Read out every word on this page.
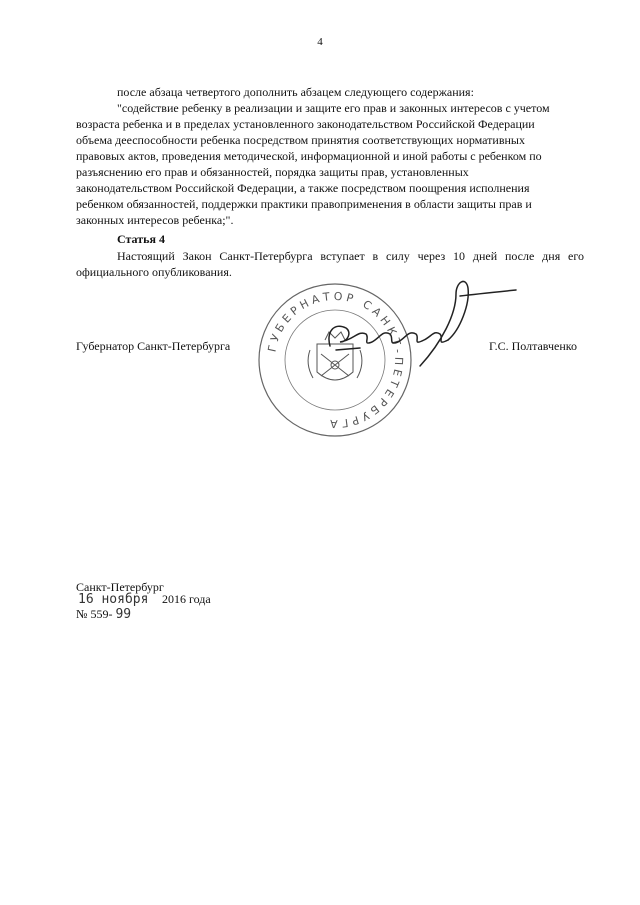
4
после абзаца четвертого дополнить абзацем следующего содержания:
"содействие ребенку в реализации и защите его прав и законных интересов с учетом
возраста ребенка и в пределах установленного законодательством Российской Федерации
объема дееспособности ребенка посредством принятия соответствующих нормативных
правовых актов, проведения методической, информационной и иной работы с ребенком по
разъяснению его прав и обязанностей, порядка защиты прав, установленных
законодательством Российской Федерации, а также посредством поощрения исполнения
ребенком обязанностей, поддержки практики правоприменения в области защиты прав и
законных интересов ребенка;".
Статья 4
Настоящий Закон Санкт-Петербурга вступает в силу через 10 дней после дня его официального опубликования.
Губернатор Санкт-Петербурга	Г.С. Полтавченко
ГУБЕРНАТОР САНКТ-ПЕТЕРБУРГА
Санкт-Петербург
16 ноября 2016 года
№ 559- 99
